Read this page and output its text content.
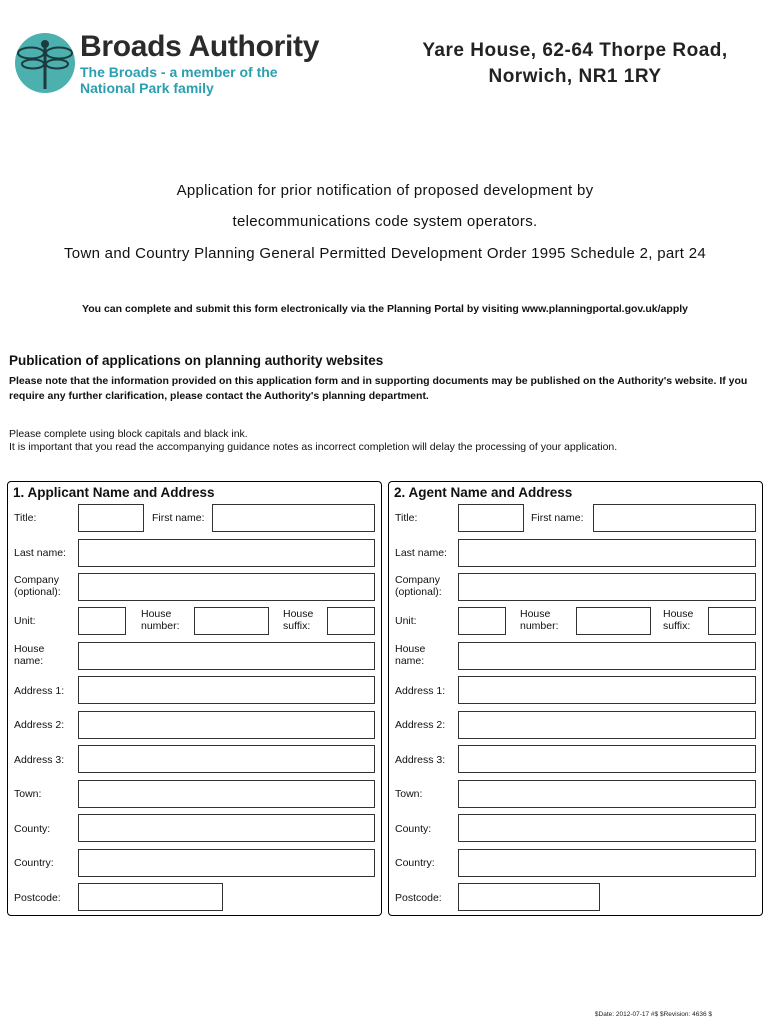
Broads Authority
The Broads - a member of the
National Park family
Yare House, 62-64 Thorpe Road,
Norwich, NR1 1RY
Application for prior notification of proposed development by
telecommunications code system operators.
Town and Country Planning General Permitted Development Order 1995 Schedule 2, part 24
You can complete and submit this form electronically via the Planning Portal by visiting www.planningportal.gov.uk/apply
Publication of applications on planning authority websites
Please note that the information provided on this application form and in supporting documents may be published on the Authority's website. If you require any further clarification, please contact the Authority's planning department.
Please complete using block capitals and black ink.
It is important that you read the accompanying guidance notes as incorrect completion will delay the processing of your application.
1. Applicant Name and Address
Title:	First name:
Last name:
Company (optional):
Unit:
House number:
House suffix:
House name:
Address 1:
Address 2:
Address 3:
Town:
County:
Country:
Postcode:
2. Agent Name and Address
Title:	First name:
Last name:
Company (optional):
Unit:
House number:
House suffix:
House name:
Address 1:
Address 2:
Address 3:
Town:
County:
Country:
Postcode:
$Date: 2012-07-17 #$ $Revision: 4636 $
